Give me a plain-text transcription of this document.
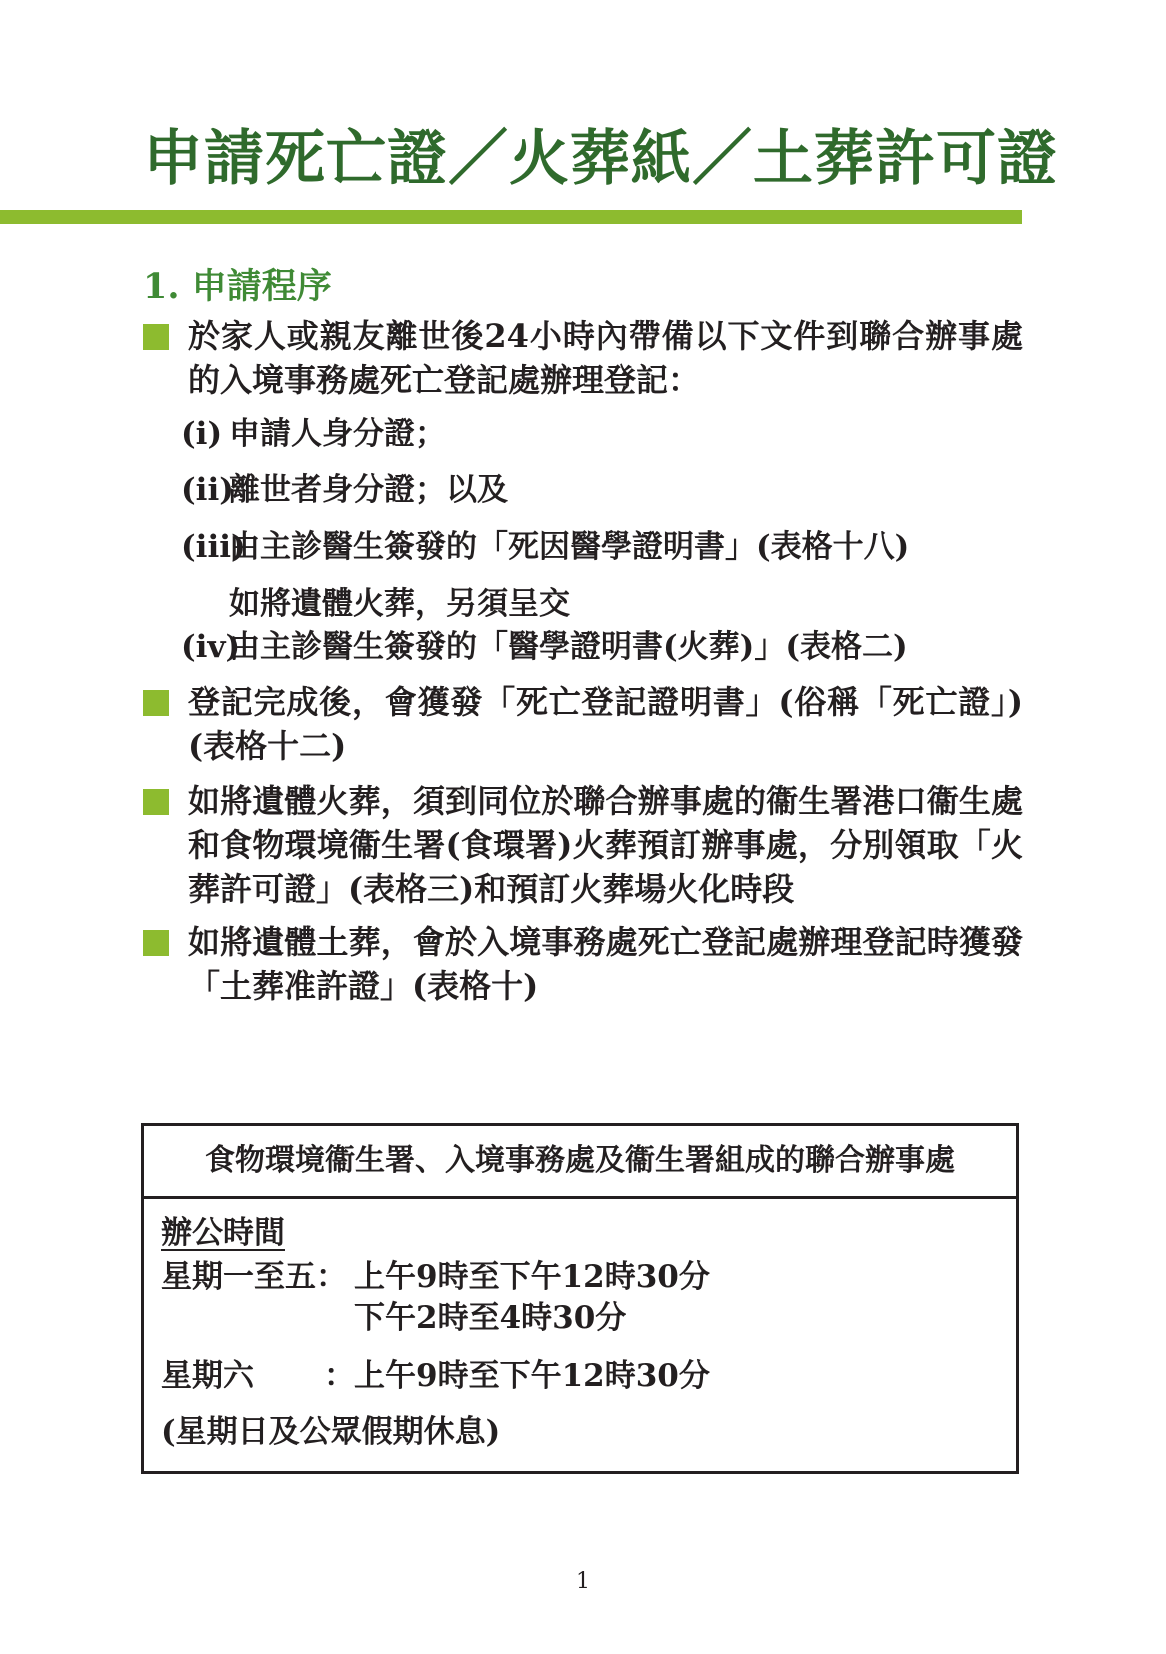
申請死亡證／火葬紙／土葬許可證
1. 申請程序
於家人或親友離世後24小時內帶備以下文件到聯合辦事處的入境事務處死亡登記處辦理登記：
(i) 申請人身分證；
(ii)離世者身分證；以及
(iii)由主診醫生簽發的「死因醫學證明書」(表格十八)
如將遺體火葬，另須呈交
(iv)由主診醫生簽發的「醫學證明書(火葬)」(表格二)
登記完成後，會獲發「死亡登記證明書」(俗稱「死亡證」)(表格十二)
如將遺體火葬，須到同位於聯合辦事處的衞生署港口衞生處和食物環境衞生署(食環署)火葬預訂辦事處，分別領取「火葬許可證」(表格三)和預訂火葬場火化時段
如將遺體土葬，會於入境事務處死亡登記處辦理登記時獲發 「土葬准許證」(表格十)
食物環境衞生署、入境事務處及衞生署組成的聯合辦事處
辦公時間
星期一至五： 上午9時至下午12時30分
下午2時至4時30分
星期六 ： 上午9時至下午12時30分
(星期日及公眾假期休息)
1
